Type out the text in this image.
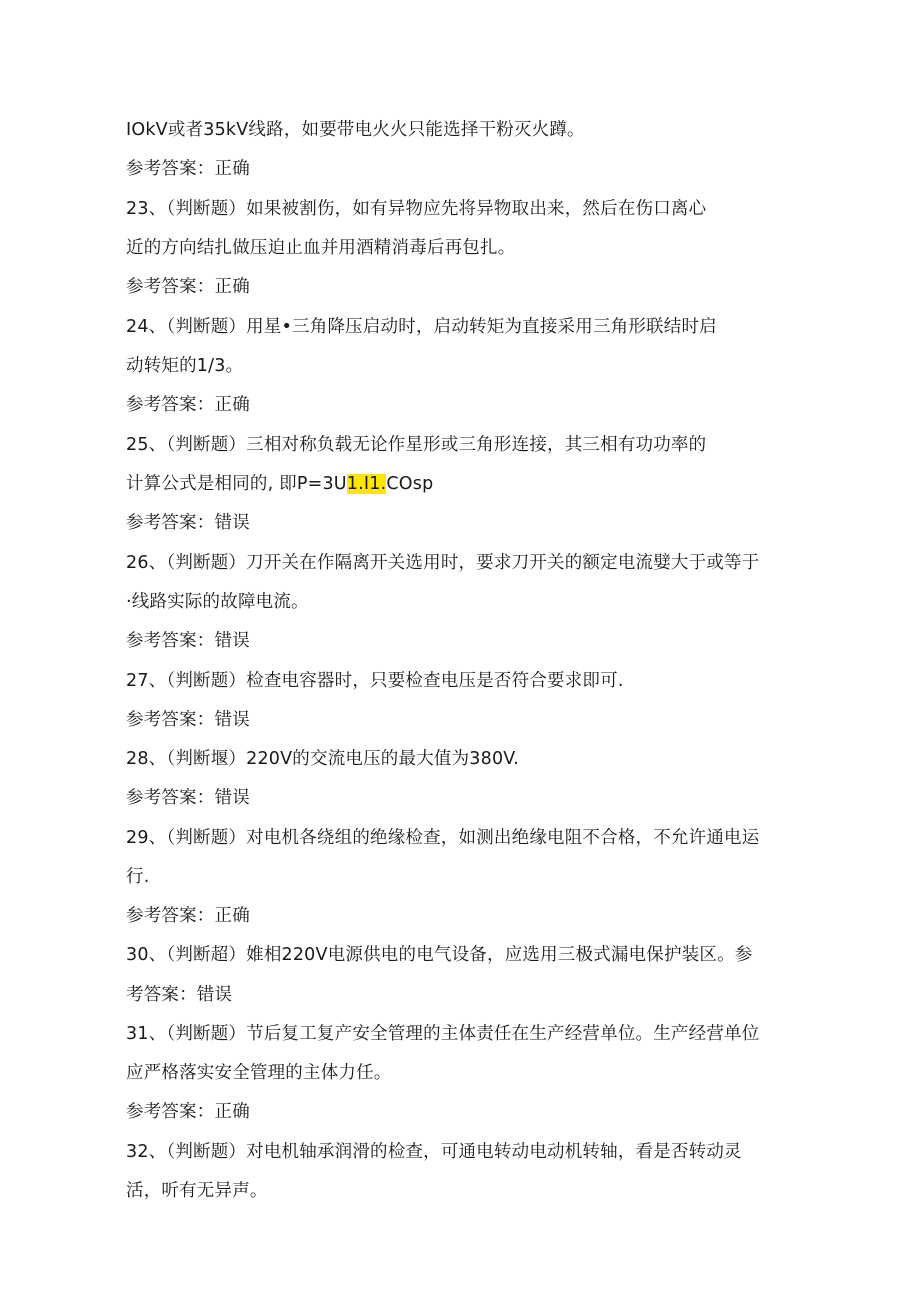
IOkV或者35kV线路，如要带电火火只能选择干粉灭火蹲。
参考答案：正确
23、（判断题）如果被割伤，如有异物应先将异物取出来，然后在伤口离心
近的方向结扎做压迫止血并用酒精消毒后再包扎。
参考答案：正确
24、（判断题）用星•三角降压启动时，启动转矩为直接采用三角形联结时启
动转矩的1/3。
参考答案：正确
25、（判断题）三相对称负载无论作星形或三角形连接，其三相有功功率的
计算公式是相同的, 即P=3U1.I1.COsp
参考答案：错误
26、（判断题）刀开关在作隔离开关选用时，要求刀开关的额定电流嬖大于或等于
·线路实际的故障电流。
参考答案：错误
27、（判断题）检查电容器时，只要检查电压是否符合要求即可.
参考答案：错误
28、（判断堰）220V的交流电压的最大值为380V.
参考答案：错误
29、（判断题）对电机各绕组的绝缘检查，如测出绝缘电阻不合格，不允许通电运
行.
参考答案：正确
30、（判断超）婎相220V电源供电的电气设备，应选用三极式漏电保护装区。参
考答案：错误
31、（判断题）节后复工复产安全管理的主体责任在生产经营单位。生产经营单位
应严格落实安全管理的主体力任。
参考答案：正确
32、（判断题）对电机轴承润滑的检查，可通电转动电动机转轴，看是否转动灵
活，听有无异声。
